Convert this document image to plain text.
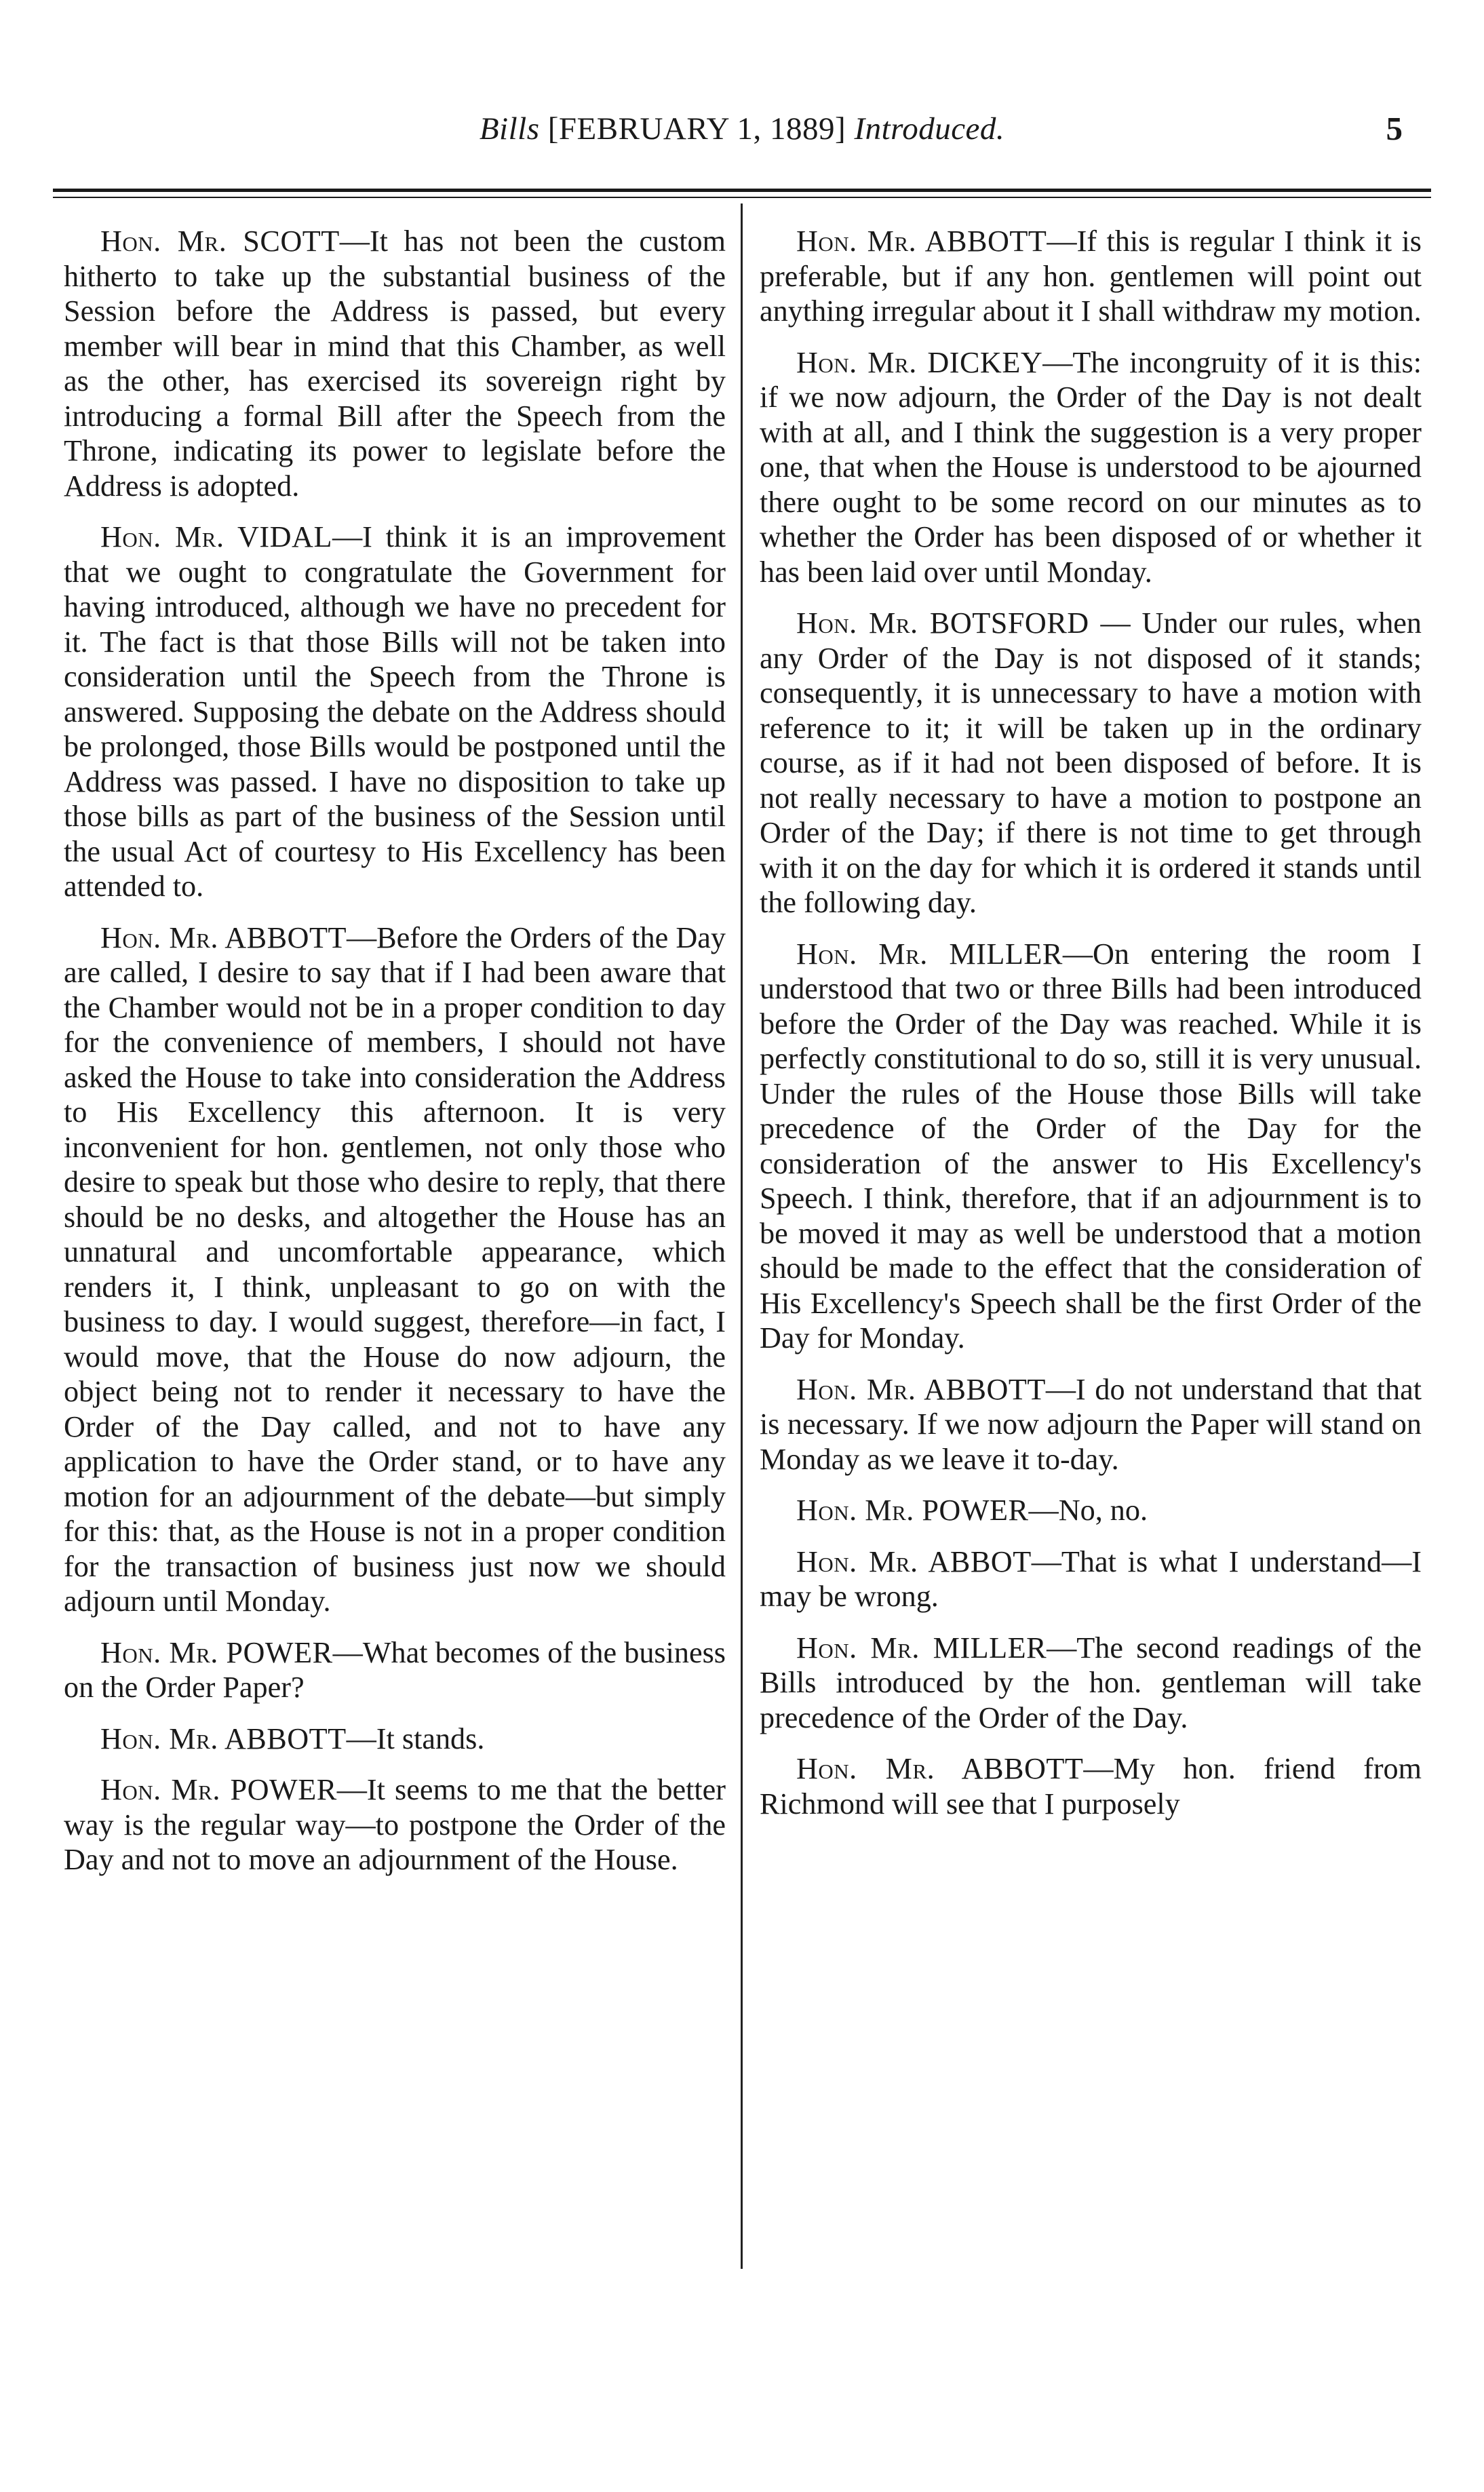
Bills [FEBRUARY 1, 1889] Introduced.	5

Hon. Mr. SCOTT—It has not been the custom hitherto to take up the substantial business of the Session before the Address is passed, but every member will bear in mind that this Chamber, as well as the other, has exercised its sovereign right by introducing a formal Bill after the Speech from the Throne, indicating its power to legislate before the Address is adopted.

Hon. Mr. VIDAL—I think it is an improvement that we ought to congratulate the Government for having introduced, although we have no precedent for it. The fact is that those Bills will not be taken into consideration until the Speech from the Throne is answered. Supposing the debate on the Address should be prolonged, those Bills would be postponed until the Address was passed. I have no disposition to take up those bills as part of the business of the Session until the usual Act of courtesy to His Excellency has been attended to.

Hon. Mr. ABBOTT—Before the Orders of the Day are called, I desire to say that if I had been aware that the Chamber would not be in a proper condition to day for the convenience of members, I should not have asked the House to take into consideration the Address to His Excellency this afternoon. It is very inconvenient for hon. gentlemen, not only those who desire to speak but those who desire to reply, that there should be no desks, and altogether the House has an unnatural and uncomfortable appearance, which renders it, I think, unpleasant to go on with the business to day. I would suggest, therefore—in fact, I would move, that the House do now adjourn, the object being not to render it necessary to have the Order of the Day called, and not to have any application to have the Order stand, or to have any motion for an adjournment of the debate—but simply for this: that, as the House is not in a proper condition for the transaction of business just now we should adjourn until Monday.

Hon. Mr. POWER—What becomes of the business on the Order Paper?

Hon. Mr. ABBOTT—It stands.

Hon. Mr. POWER—It seems to me that the better way is the regular way—to postpone the Order of the Day and not to move an adjournment of the House.

Hon. Mr. ABBOTT—If this is regular I think it is preferable, but if any hon. gentlemen will point out anything irregular about it I shall withdraw my motion.

Hon. Mr. DICKEY—The incongruity of it is this: if we now adjourn, the Order of the Day is not dealt with at all, and I think the suggestion is a very proper one, that when the House is understood to be ajourned there ought to be some record on our minutes as to whether the Order has been disposed of or whether it has been laid over until Monday.

Hon. Mr. BOTSFORD — Under our rules, when any Order of the Day is not disposed of it stands; consequently, it is unnecessary to have a motion with reference to it; it will be taken up in the ordinary course, as if it had not been disposed of before. It is not really necessary to have a motion to postpone an Order of the Day; if there is not time to get through with it on the day for which it is ordered it stands until the following day.

Hon. Mr. MILLER—On entering the room I understood that two or three Bills had been introduced before the Order of the Day was reached. While it is perfectly constitutional to do so, still it is very unusual. Under the rules of the House those Bills will take precedence of the Order of the Day for the consideration of the answer to His Excellency's Speech. I think, therefore, that if an adjournment is to be moved it may as well be understood that a motion should be made to the effect that the consideration of His Excellency's Speech shall be the first Order of the Day for Monday.

Hon. Mr. ABBOTT—I do not understand that that is necessary. If we now adjourn the Paper will stand on Monday as we leave it to-day.

Hon. Mr. POWER—No, no.

Hon. Mr. ABBOT—That is what I understand—I may be wrong.

Hon. Mr. MILLER—The second readings of the Bills introduced by the hon. gentleman will take precedence of the Order of the Day.

Hon. Mr. ABBOTT—My hon. friend from Richmond will see that I purposely
